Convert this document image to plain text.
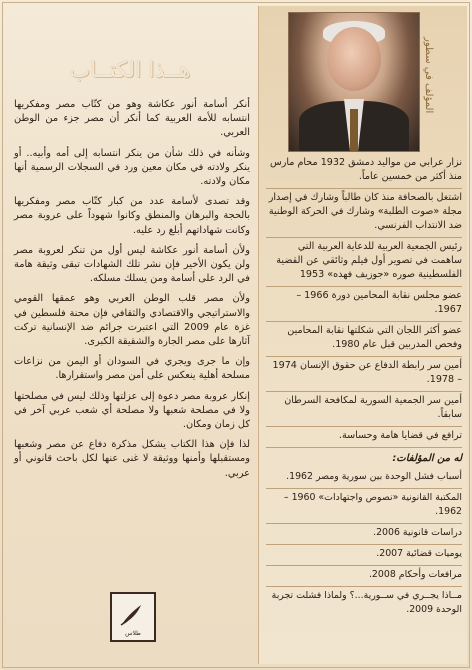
المؤلف في سطور
هــذا الكتــاب

أنكر أسامة أنور عكاشة وهو من كتّاب مصر ومفكريها انتسابه للأمة العربية كما أنكر أن مصر جزء من الوطن العربي.

وشأنه في ذلك شأن من ينكر انتسابه إلى أمه وأبيه.. أو ينكر ولادته في مكان معين ورد في السجلات الرسمية أنها مكان ولادته.

وقد تصدى لأسامة عدد من كبار كتّاب مصر ومفكريها بالحجة والبرهان والمنطق وكانوا شهوداً على عروبة مصر وكانت شهاداتهم أبلغ رد عليه.

ولأن أسامة أنور عكاشة ليس أول من تنكر لعروبة مصر ولن يكون الأخير فإن نشر تلك الشهادات تبقى وثيقة هامة في الرد على أسامة ومن يسلك مسلكه.

ولأن مصر قلب الوطن العربي وهو عمقها القومي والاستراتيجي والاقتصادي والثقافي فإن محنة فلسطين في غزة عام 2009 التي اعتبرت جرائم ضد الإنسانية تركت آثارها على مصر الجارة والشقيقة الكبرى.

وإن ما جرى ويجري في السودان أو اليمن من نزاعات مسلحة أهلية ينعكس على أمن مصر واستقرارها.

إنكار عروبة مصر دعوة إلى عزلتها وذلك ليس في مصلحتها ولا في مصلحة شعبها ولا مصلحة أي شعب عربي آخر في كل زمان ومكان.

لذا فإن هذا الكتاب يشكل مذكرة دفاع عن مصر وشعبها ومستقبلها وأمنها ووثيقة لا غنى عنها لكل باحث قانوني أو عربي.

نزار عرابي من مواليد دمشق 1932 محام مارس منذ أكثر من خمسين عاماً.
اشتغل بالصحافة منذ كان طالباً وشارك في إصدار مجلة «صوت الطلبة» وشارك في الحركة الوطنية ضد الانتداب الفرنسي.
رئيس الجمعية العربية للدعاية العربية التي ساهمت في تصوير أول فيلم وثائقي عن القضية الفلسطينية صوره «جوزيف فهده» 1953
عضو مجلس نقابة المحامين دورة 1966 – 1967.
عضو أكثر اللجان التي شكلتها نقابة المحامين وفحص المدربين قبل عام 1980.
أمين سر رابطة الدفاع عن حقوق الإنسان 1974 – 1978.
أمين سر الجمعية السورية لمكافحة السرطان سابقاً.
ترافع في قضايا هامة وحساسة.
له من المؤلفات:
أسباب فشل الوحدة بين سورية ومصر 1962.
المكتبة القانونية «نصوص واجتهادات» 1960 – 1962.
دراسات قانونية 2006.
يوميات قضائية 2007.
مرافعات وأحكام 2008.
مــاذا يجــري في ســورية...؟ ولماذا فشلت تجربة الوحدة 2009.
طلاس
